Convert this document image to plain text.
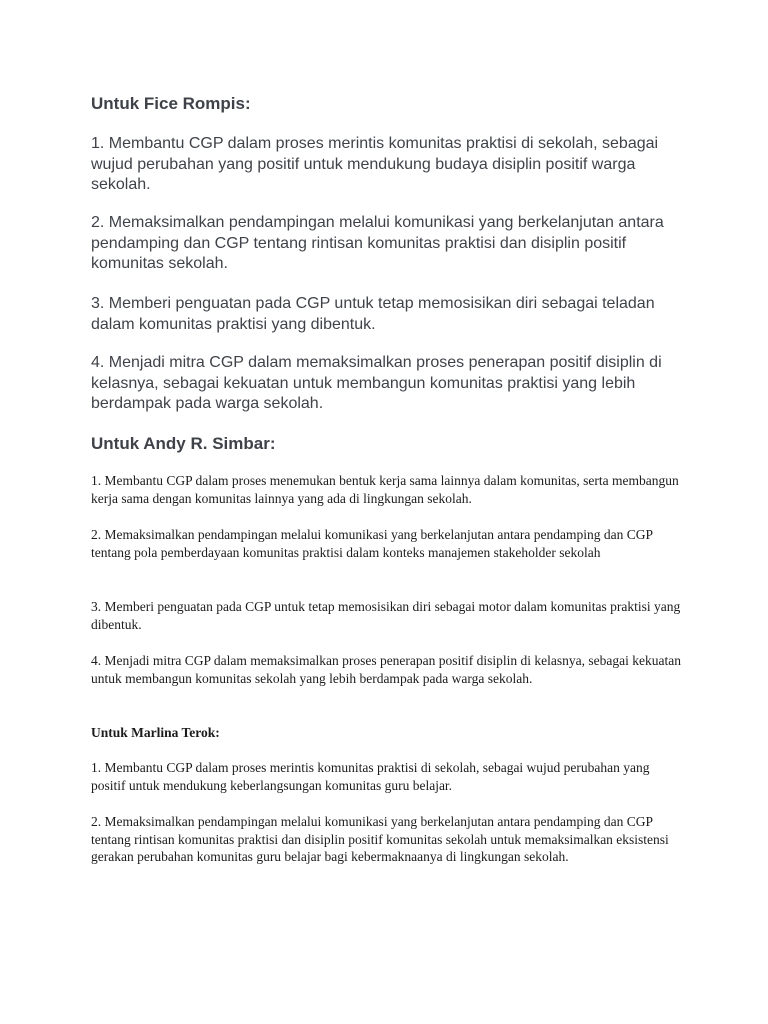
Untuk Fice Rompis:

1. Membantu CGP dalam proses merintis komunitas praktisi di sekolah, sebagai wujud perubahan yang positif untuk mendukung budaya disiplin positif warga sekolah.

2. Memaksimalkan pendampingan melalui komunikasi yang berkelanjutan antara pendamping dan CGP tentang rintisan komunitas praktisi dan disiplin positif komunitas sekolah.

3. Memberi penguatan pada CGP untuk tetap memosisikan diri sebagai teladan dalam komunitas praktisi yang dibentuk.

4. Menjadi mitra CGP dalam memaksimalkan proses penerapan positif disiplin di kelasnya, sebagai kekuatan untuk membangun komunitas praktisi yang lebih berdampak pada warga sekolah.

Untuk Andy R. Simbar:

1. Membantu CGP dalam proses menemukan bentuk kerja sama lainnya dalam komunitas, serta membangun kerja sama dengan komunitas lainnya yang ada di lingkungan sekolah.

2. Memaksimalkan pendampingan melalui komunikasi yang berkelanjutan antara pendamping dan CGP tentang pola pemberdayaan komunitas praktisi dalam konteks manajemen stakeholder sekolah

3. Memberi penguatan pada CGP untuk tetap memosisikan diri sebagai motor dalam komunitas praktisi yang dibentuk.

4. Menjadi mitra CGP dalam memaksimalkan proses penerapan positif disiplin di kelasnya, sebagai kekuatan untuk membangun komunitas sekolah yang lebih berdampak pada warga sekolah.

Untuk Marlina Terok:

1. Membantu CGP dalam proses merintis komunitas praktisi di sekolah, sebagai wujud perubahan yang positif untuk mendukung keberlangsungan komunitas guru belajar.

2. Memaksimalkan pendampingan melalui komunikasi yang berkelanjutan antara pendamping dan CGP tentang rintisan komunitas praktisi dan disiplin positif komunitas sekolah untuk memaksimalkan eksistensi gerakan perubahan komunitas guru belajar bagi kebermaknaanya di lingkungan sekolah.
